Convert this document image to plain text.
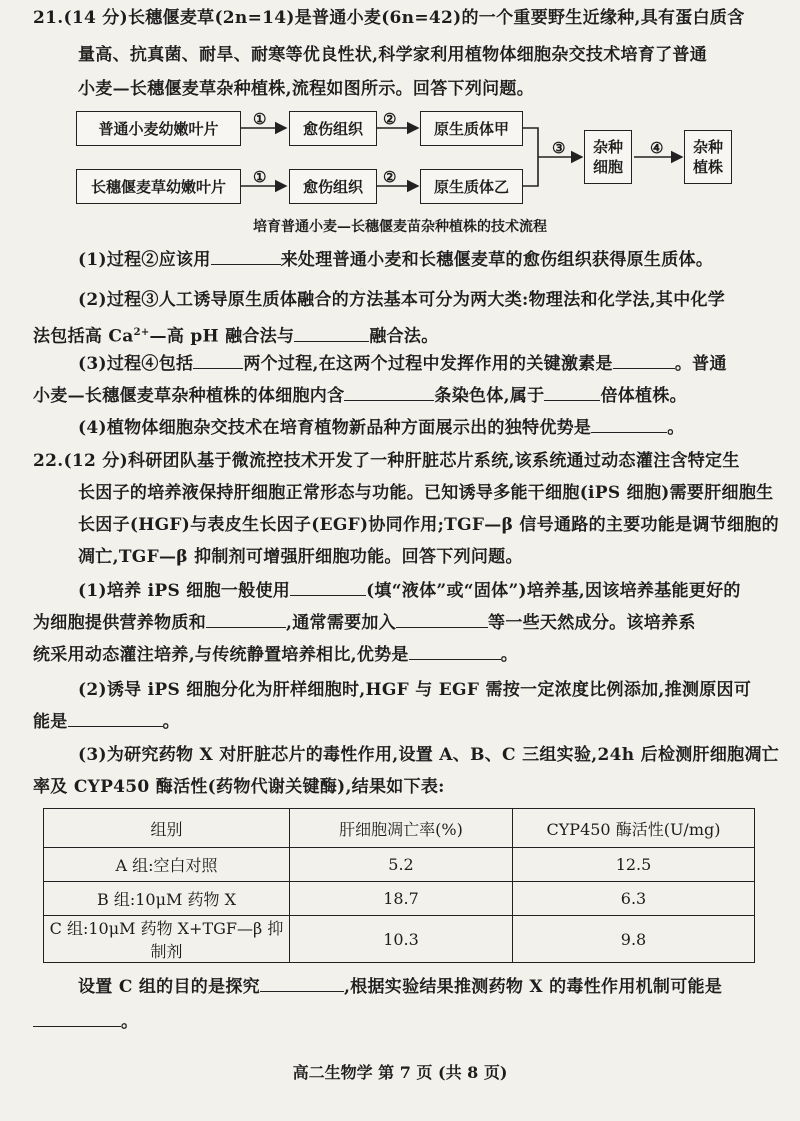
21.(14 分)长穗偃麦草(2n=14)是普通小麦(6n=42)的一个重要野生近缘种,具有蛋白质含
量高、抗真菌、耐旱、耐寒等优良性状,科学家利用植物体细胞杂交技术培育了普通
小麦—长穗偃麦草杂种植株,流程如图所示。回答下列问题。
普通小麦幼嫩叶片
长穗偃麦草幼嫩叶片
愈伤组织
愈伤组织
原生质体甲
原生质体乙
杂种细胞
杂种植株
①	②
①	②
③	④
培育普通小麦—长穗偃麦苗杂种植株的技术流程
(1)过程②应该用	来处理普通小麦和长穗偃麦草的愈伤组织获得原生质体。
(2)过程③人工诱导原生质体融合的方法基本可分为两大类:物理法和化学法,其中化学
法包括高 $Ca^{2+}—$高 pH 融合法与	融合法。
(3)过程④包括	两个过程,在这两个过程中发挥作用的关键激素是	。普通
小麦—长穗偃麦草杂种植株的体细胞内含	条染色体,属于	倍体植株。
(4)植物体细胞杂交技术在培育植物新品种方面展示出的独特优势是	。
22.(12 分)科研团队基于微流控技术开发了一种肝脏芯片系统,该系统通过动态灌注含特定生
长因子的培养液保持肝细胞正常形态与功能。已知诱导多能干细胞(iPS 细胞)需要肝细胞生
长因子(HGF)与表皮生长因子(EGF)协同作用;TGF—β 信号通路的主要功能是调节细胞的
凋亡,TGF—β 抑制剂可增强肝细胞功能。回答下列问题。
(1)培养 iPS 细胞一般使用	(填“液体”或“固体”)培养基,因该培养基能更好的
为细胞提供营养物质和	,通常需要加入	等一些天然成分。该培养系
统采用动态灌注培养,与传统静置培养相比,优势是	。
(2)诱导 iPS 细胞分化为肝样细胞时,HGF 与 EGF 需按一定浓度比例添加,推测原因可
能是	。
(3)为研究药物 X 对肝脏芯片的毒性作用,设置 A、B、C 三组实验,24h 后检测肝细胞凋亡
率及 CYP450 酶活性(药物代谢关键酶),结果如下表:
组别	肝细胞凋亡率(%)	CYP450 酶活性(U/mg)
A 组:空白对照	5.2	12.5
B 组:10μM 药物 X	18.7	6.3
C 组:10μM 药物 X+TGF—β 抑制剂	10.3	9.8
设置 C 组的目的是探究	,根据实验结果推测药物 X 的毒性作用机制可能是
。
高二生物学 第 7 页 (共 8 页)
